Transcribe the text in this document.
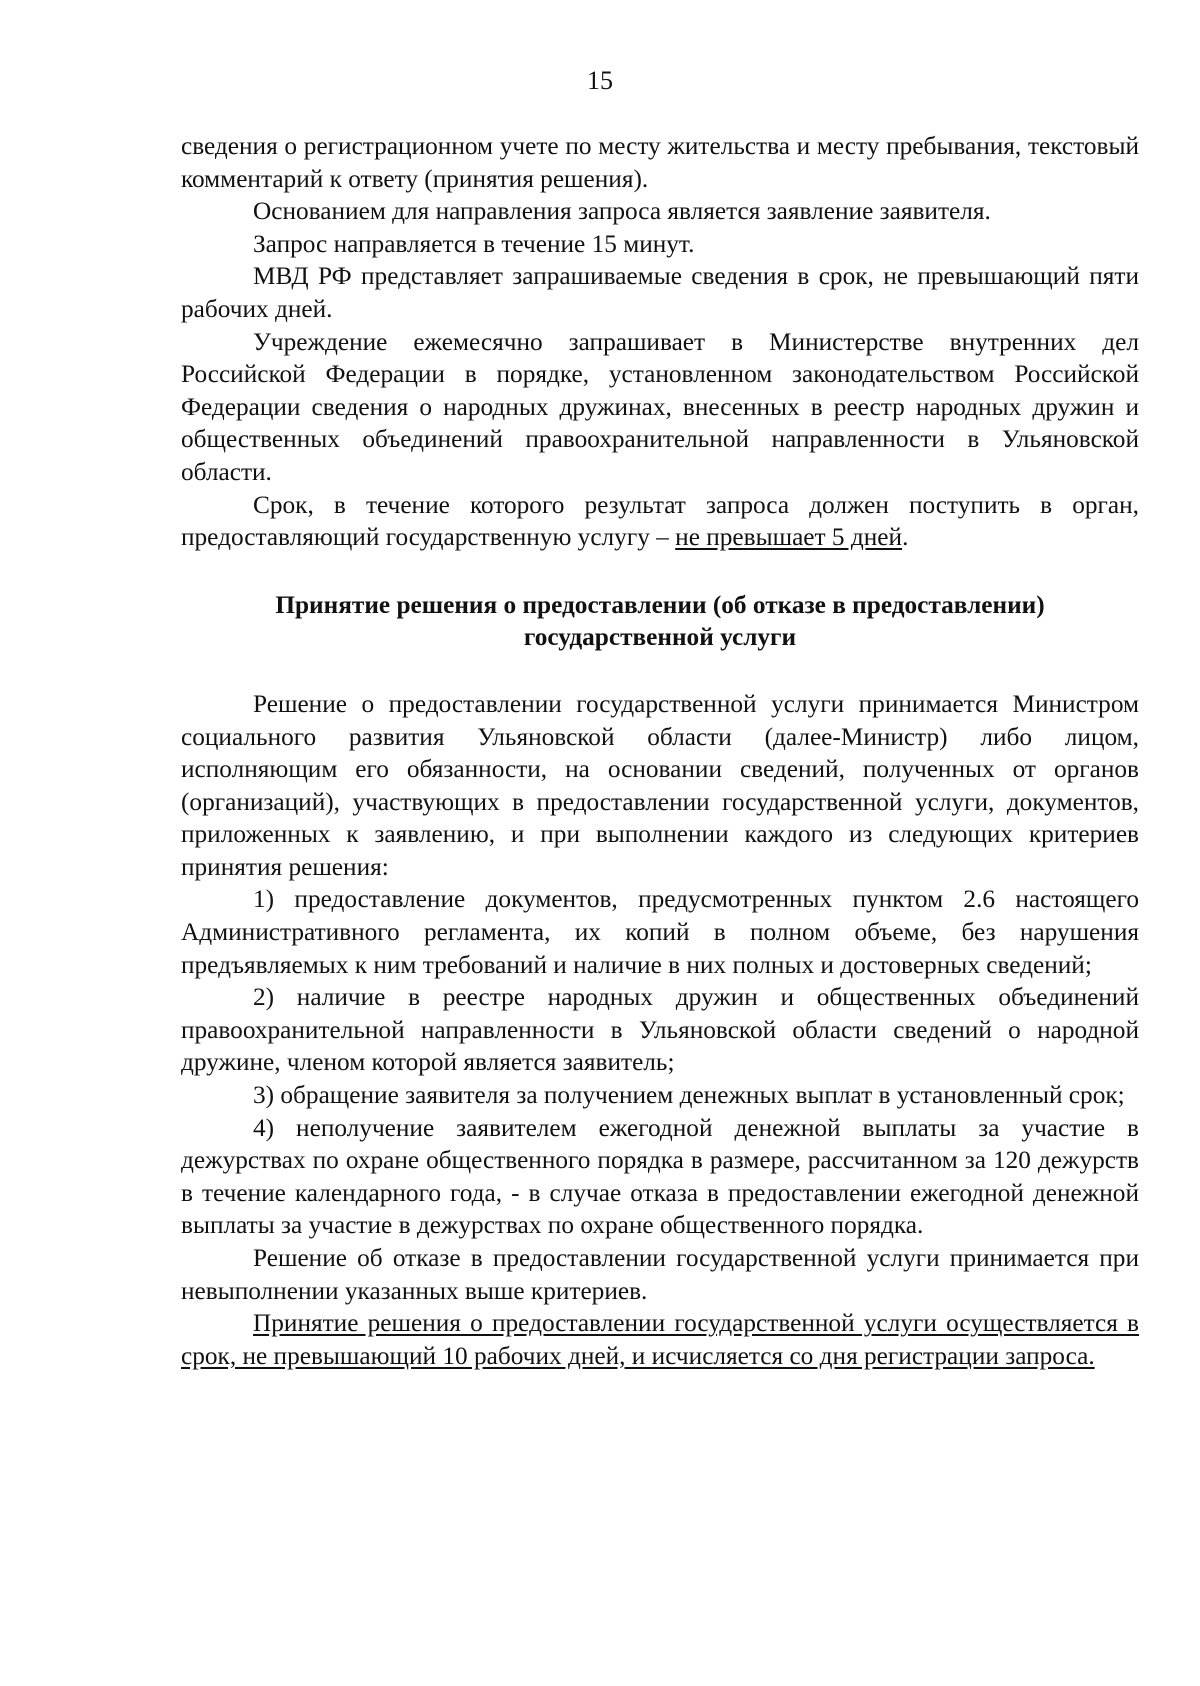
15

сведения о регистрационном учете по месту жительства и месту пребывания, текстовый комментарий к ответу (принятия решения).

Основанием для направления запроса является заявление заявителя.

Запрос направляется в течение 15 минут.

МВД РФ представляет запрашиваемые сведения в срок, не превышающий пяти рабочих дней.

Учреждение ежемесячно запрашивает в Министерстве внутренних дел Российской Федерации в порядке, установленном законодательством Российской Федерации сведения о народных дружинах, внесенных в реестр народных дружин и общественных объединений правоохранительной направленности в Ульяновской области.

Срок, в течение которого результат запроса должен поступить в орган, предоставляющий государственную услугу – не превышает 5 дней.

Принятие решения о предоставлении (об отказе в предоставлении) государственной услуги

Решение о предоставлении государственной услуги принимается Министром социального развития Ульяновской области (далее-Министр) либо лицом, исполняющим его обязанности, на основании сведений, полученных от органов (организаций), участвующих в предоставлении государственной услуги, документов, приложенных к заявлению, и при выполнении каждого из следующих критериев принятия решения:

1) предоставление документов, предусмотренных пунктом 2.6 настоящего Административного регламента, их копий в полном объеме, без нарушения предъявляемых к ним требований и наличие в них полных и достоверных сведений;

2) наличие в реестре народных дружин и общественных объединений правоохранительной направленности в Ульяновской области сведений о народной дружине, членом которой является заявитель;

3) обращение заявителя за получением денежных выплат в установленный срок;

4) неполучение заявителем ежегодной денежной выплаты за участие в дежурствах по охране общественного порядка в размере, рассчитанном за 120 дежурств в течение календарного года, - в случае отказа в предоставлении ежегодной денежной выплаты за участие в дежурствах по охране общественного порядка.

Решение об отказе в предоставлении государственной услуги принимается при невыполнении указанных выше критериев.

Принятие решения о предоставлении государственной услуги осуществляется в срок, не превышающий 10 рабочих дней, и исчисляется со дня регистрации запроса.
